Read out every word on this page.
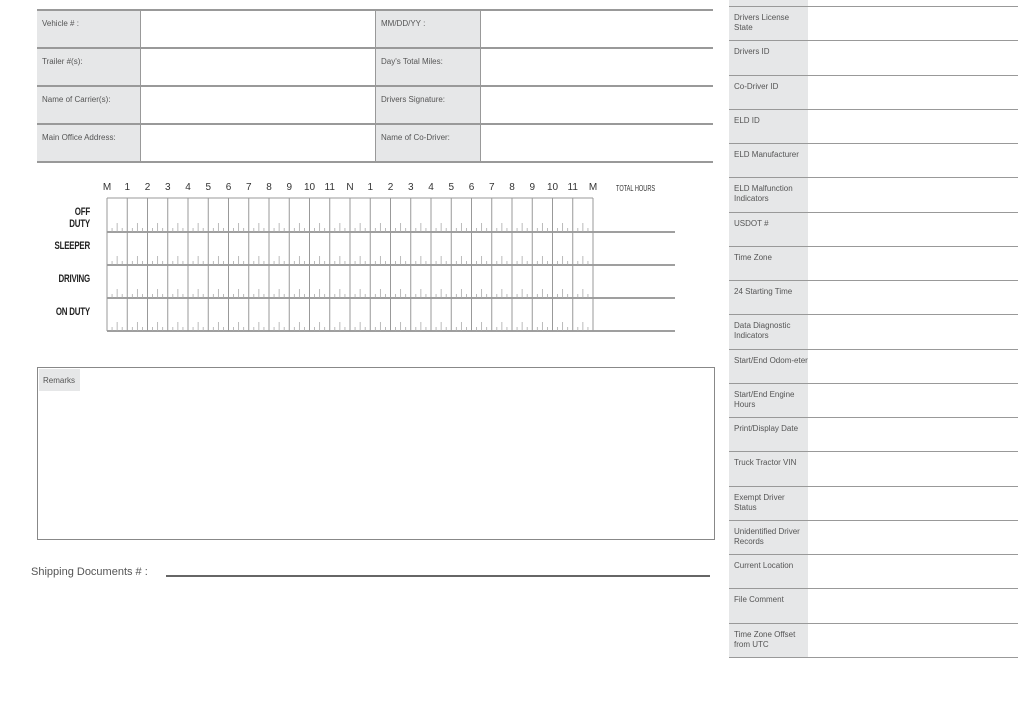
Vehicle # :	MM/DD/YY :
Trailer #(s):	Day's Total Miles:
Name of Carrier(s):	Drivers Signature:
Main Office Address:	Name of Co-Driver:
M	1	2	3	4	5	6	7	8	9	10 11	N	1	2	3	4	5	6	7	8	9	10 11	M	TOTAL HOURS
OFF DUTY
SLEEPER
DRIVING
ON DUTY
Remarks
Shipping Documents # :
Drivers License State
Drivers ID
Co-Driver ID
ELD ID
ELD Manufacturer
ELD Malfunction Indicators
USDOT #
Time Zone
24 Starting Time
Data Diagnostic Indicators
Start/End Odom-eter
Start/End Engine Hours
Print/Display Date
Truck Tractor VIN
Exempt Driver Status
Unidentified Driver Records
Current Location
File Comment
Time Zone Offset from UTC
